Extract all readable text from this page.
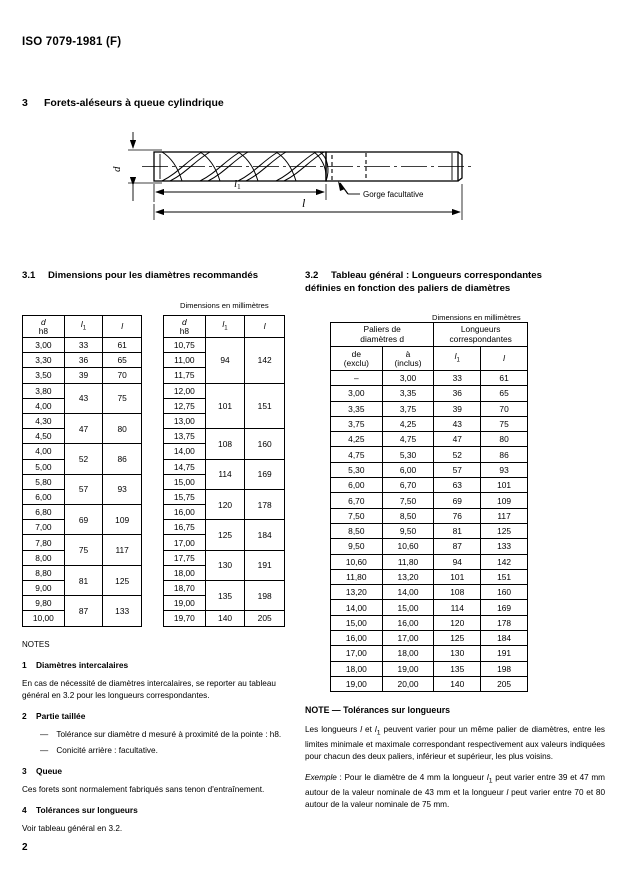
ISO 7079-1981 (F)
3 Forets-aléseurs à queue cylindrique
d
Gorge facultative
l1
l
3.1 Dimensions pour les diamètres recommandés	3.2 Tableau général : Longueurs correspondantes
définies en fonction des paliers de diamètres
Dimensions en millimètres
Dimensions en millimètres
d
h8	$l_1$	l
3,00	33	61
3,30	36	65
3,50	39	70
3,80	43	75
4,00		
4,30	47	80
4,50		
4,00	52	86
5,00		
5,80	57	93
6,00		
6,80	69	109
7,00		
7,80	75	117
8,00		
8,80	81	125
9,00		
9,80	87	133
10,00		
d
h8	$l_1$	l
10,75	94	142
11,00		
11,75		
12,00	101	151
12,75		
13,00		
13,75	108	160
14,00		
14,75	114	169
15,00		
15,75	120	178
16,00		
16,75	125	184
17,00		
17,75	130	191
18,00		
18,70	135	198
19,00		
19,70	140	205
Paliers de
diamètres d		Longueurs
correspondantes	
de
(exclu)	à
(inclus)	$l_1$	l
–	3,00	33	61
3,00	3,35	36	65
3,35	3,75	39	70
3,75	4,25	43	75
4,25	4,75	47	80
4,75	5,30	52	86
5,30	6,00	57	93
6,00	6,70	63	101
6,70	7,50	69	109
7,50	8,50	76	117
8,50	9,50	81	125
9,50	10,60	87	133
10,60	11,80	94	142
11,80	13,20	101	151
13,20	14,00	108	160
14,00	15,00	114	169
15,00	16,00	120	178
16,00	17,00	125	184
17,00	18,00	130	191
18,00	19,00	135	198
19,00	20,00	140	205
NOTES
1 Diamètres intercalaires

En cas de nécessité de diamètres intercalaires, se reporter au tableau général en 3.2 pour les longueurs correspondantes.

2 Partie taillée
— Tolérance sur diamètre d mesuré à proximité de la pointe : h8.
— Conicité arrière : facultative.
3 Queue

Ces forets sont normalement fabriqués sans tenon d'entraînement.

4 Tolérances sur longueurs

Voir tableau général en 3.2.

NOTE — Tolérances sur longueurs

Les longueurs l et $l_1$ peuvent varier pour un même palier de diamètres, entre les limites minimale et maximale correspondant respectivement aux valeurs indiquées pour chacun des deux paliers, inférieur et supérieur, les plus voisins.

Exemple : Pour le diamètre de 4 mm la longueur $l_1$ peut varier entre 39 et 47 mm autour de la valeur nominale de 43 mm et la longueur l peut varier entre 70 et 80 autour de la valeur nominale de 75 mm.

2
